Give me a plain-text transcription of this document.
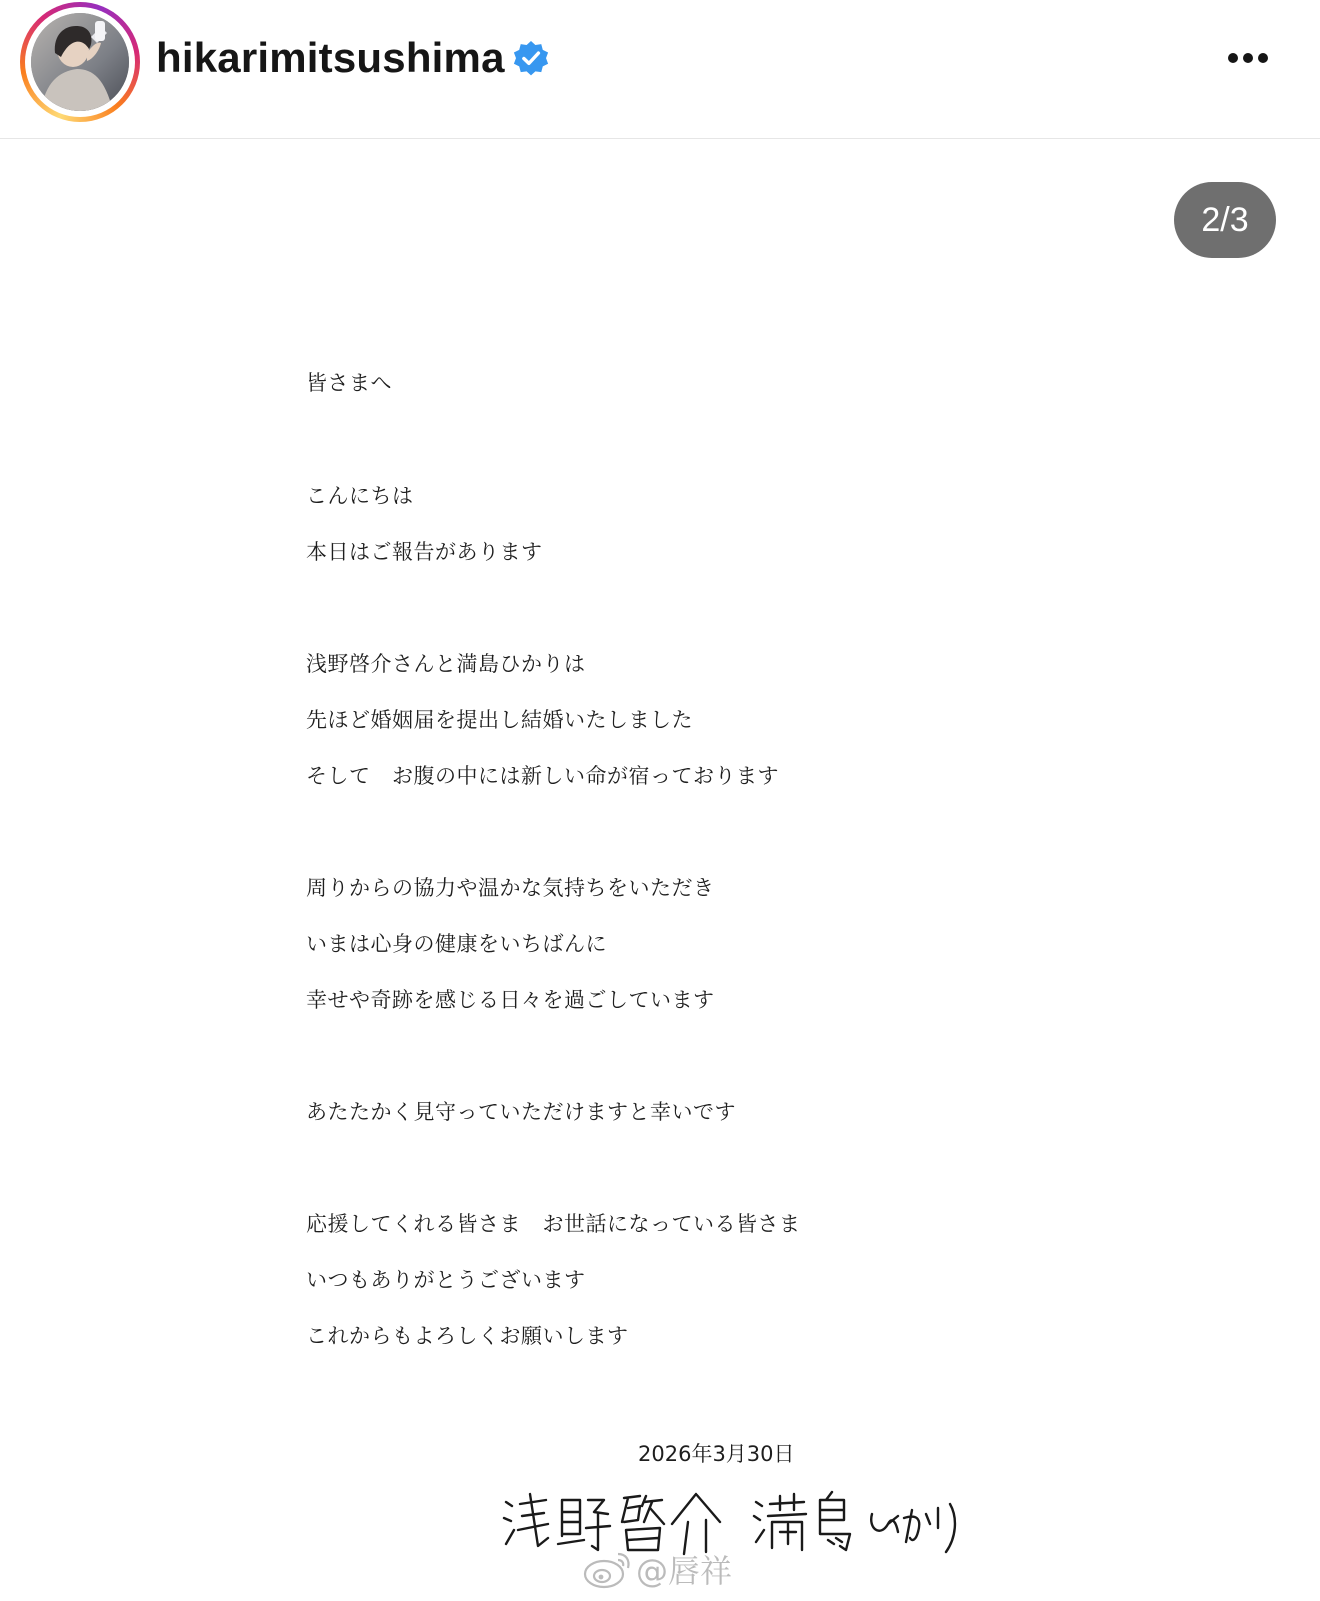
hikarimitsushima
2/3
皆さまへ
こんにちは
本日はご報告があります
浅野啓介さんと満島ひかりは
先ほど婚姻届を提出し結婚いたしました
そして　お腹の中には新しい命が宿っております
周りからの協力や温かな気持ちをいただき
いまは心身の健康をいちばんに
幸せや奇跡を感じる日々を過ごしています
あたたかく見守っていただけますと幸いです
応援してくれる皆さま　お世話になっている皆さま
いつもありがとうございます
これからもよろしくお願いします
2026年3月30日
@唇祥
